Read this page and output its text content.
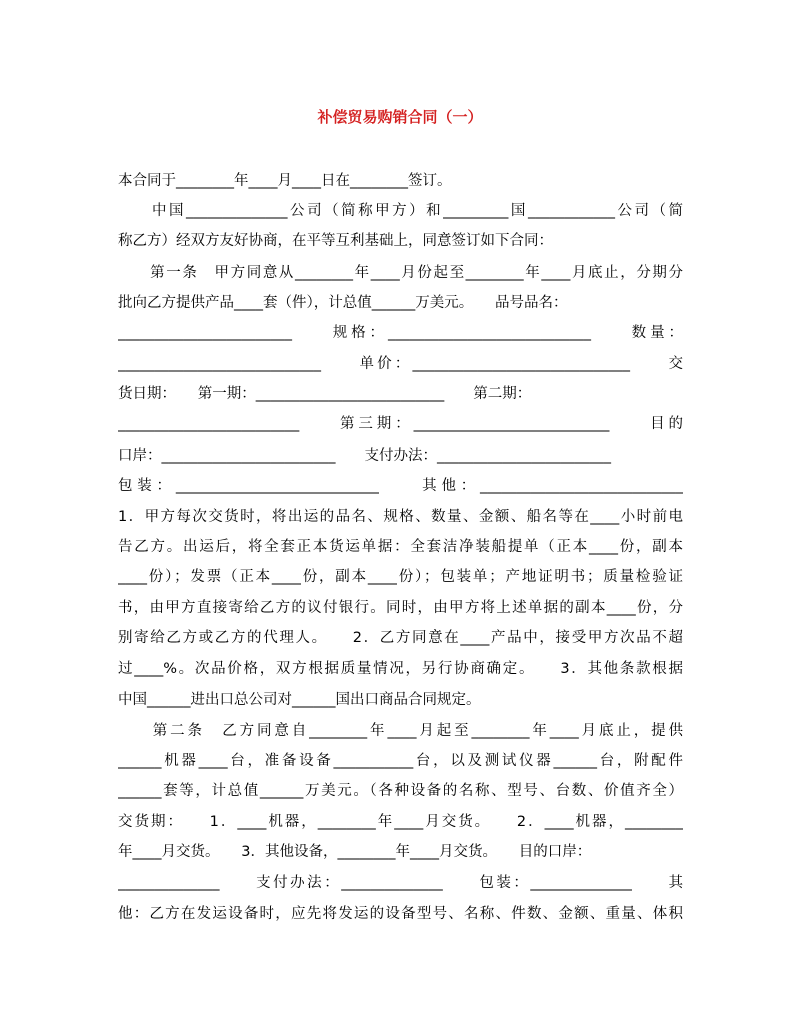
补偿贸易购销合同（一）
本合同于________年____月____日在________签订。
　　中国______________公司（简称甲方）和_________国____________公司（简
称乙方）经双方友好协商，在平等互利基础上，同意签订如下合同：
　　第一条　甲方同意从________年____月份起至________年____月底止，分期分
批向乙方提供产品____套（件），计总值______万美元。　　品号品名：
________________________　　规格：____________________________　　数量：
____________________________　　单价：______________________________　　交
货日期：　　第一期：__________________________　　第二期：
_________________________　　第三期：___________________________　　目的
口岸：________________________　　支付办法：________________________
包装：____________________________　　其他：____________________________
1．甲方每次交货时，将出运的品名、规格、数量、金额、船名等在____小时前电
告乙方。出运后，将全套正本货运单据：全套洁净装船提单（正本____份，副本
____份）；发票（正本____份，副本____份）；包装单；产地证明书；质量检验证
书，由甲方直接寄给乙方的议付银行。同时，由甲方将上述单据的副本____份，分
别寄给乙方或乙方的代理人。　　2．乙方同意在____产品中，接受甲方次品不超
过____%。次品价格，双方根据质量情况，另行协商确定。　　3．其他条款根据
中国______进出口总公司对______国出口商品合同规定。
　　第二条　乙方同意自________年____月起至________年____月底止，提供
______机器____台，准备设备___________台，以及测试仪器______台，附配件
______套等，计总值______万美元。（各种设备的名称、型号、台数、价值齐全）
交货期：　　1．____机器，________年____月交货。　　2．____机器，________
年____月交货。　　3．其他设备，________年____月交货。　　目的口岸：
______________　　支付办法：______________　　包装：______________　　其
他：乙方在发运设备时，应先将发运的设备型号、名称、件数、金额、重量、体积
